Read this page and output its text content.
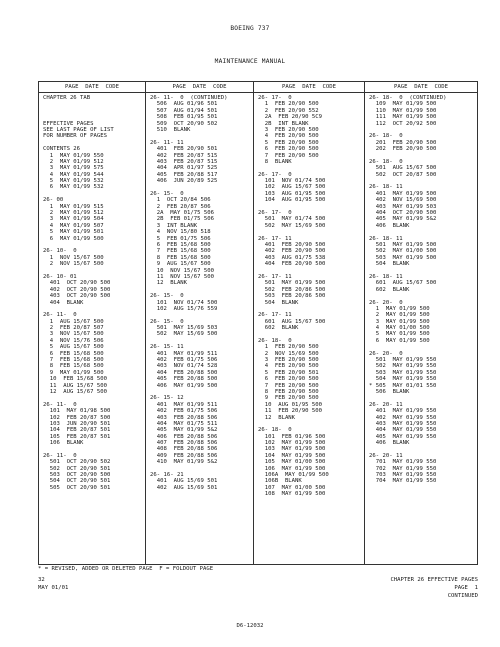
BOEING 737
MAINTENANCE MANUAL
PAGE  DATE  CODE
CHAPTER 26 TAB
EFFECTIVE PAGES
SEE LAST PAGE OF LIST
FOR NUMBER OF PAGES
CONTENTS 26
1  MAY 01/99 550
2  MAY 01/99 512
3  MAY 01/99 575
4  MAY 01/99 544
5  MAY 01/99 532
6  MAY 01/99 532
26- 00
1  MAY 01/99 515
2  MAY 01/99 512
3  MAY 01/99 504
4  MAY 01/99 507
5  MAY 01/99 501
6  MAY 01/99 500
26- 10-  0
1  NOV 15/67 500
2  NOV 15/67 500
26- 10- 01
401  OCT 20/90 500
402  OCT 20/90 500
403  OCT 20/90 500
404  BLANK
26- 11-  0
1  AUG 15/67 500
2  FEB 20/87 507
3  NOV 15/67 500
4  NOV 15/76 506
5  AUG 15/67 500
6  FEB 15/68 500
7  FEB 15/68 500
8  FEB 15/68 500
9  MAY 01/99 500
10  FEB 15/68 500
11  AUG 15/67 500
12  AUG 15/67 500
26- 11-  0
101  MAY 01/98 500
102  FEB 20/87 500
103  JUN 20/90 501
104  FEB 20/87 501
105  FEB 20/87 501
106  BLANK
26- 11-  0
501  OCT 20/90 502
502  OCT 20/90 501
503  OCT 20/90 500
504  OCT 20/90 501
505  OCT 20/90 501
PAGE  DATE  CODE
26- 11-  0  (CONTINUED)
506  AUG 01/96 501
507  AUG 01/94 501
508  FEB 01/95 501
509  OCT 20/90 502
510  BLANK
26- 11- 11
401  FEB 20/90 501
402  FEB 20/87 515
403  FEB 20/87 515
404  APR 01/97 525
405  FEB 20/88 517
406  JUN 20/89 525
26- 15-  0
1  OCT 20/84 506
2  FEB 20/87 506
2A  MAY 01/75 506
2B  FEB 01/75 506
3  INT BLANK
4  NOV 15/80 518
5  FEB 01/75 506
6  FEB 15/68 500
7  FEB 15/68 500
8  FEB 15/68 500
9  AUG 15/67 500
10  NOV 15/67 500
11  NOV 15/67 500
12  BLANK
26- 15-  0
101  NOV 01/74 500
102  AUG 15/76 559
26- 15-  0
501  MAY 15/69 503
502  MAY 15/69 500
26- 15- 11
401  MAY 01/99 511
402  FEB 01/75 506
403  NOV 01/74 528
404  FEB 20/88 500
405  FEB 20/88 500
406  MAY 01/99 500
26- 15- 12
401  MAY 01/99 511
402  FEB 01/75 506
403  FEB 20/88 506
404  MAY 01/75 511
405  MAY 01/99 5&2
406  FEB 20/88 506
407  FEB 20/88 506
408  FEB 20/88 506
409  FEB 20/88 506
410  MAY 01/99 5&2
26- 16- 21
401  AUG 15/69 501
402  AUG 15/69 501
PAGE  DATE  CODE
26- 17-  0
1  FEB 20/90 500
2  FEB 20/90 552
2A  FEB 20/90 5C9
2B  INT BLANK
3  FEB 20/90 500
4  FEB 20/90 500
5  FEB 20/90 500
6  FEB 20/90 500
7  FEB 20/90 500
8  BLANK
26- 17-  0
101  NOV 01/74 500
102  AUG 15/67 500
103  AUG 01/95 500
104  AUG 01/95 500
26- 17-  0
501  MAY 01/74 500
502  MAY 15/69 500
26- 17- 11
401  FEB 20/90 500
402  FEB 20/90 500
403  AUG 01/75 538
404  FEB 20/90 500
26- 17- 11
501  MAY 01/99 500
502  FEB 20/86 500
503  FEB 20/86 500
504  BLANK
26- 17- 11
601  AUG 15/67 500
602  BLANK
26- 18-  0
1  FEB 20/90 500
2  NOV 15/69 500
3  FEB 20/90 500
4  FEB 20/90 500
5  FEB 20/90 501
6  FEB 20/90 500
7  FEB 20/90 500
8  FEB 20/90 500
9  FEB 20/90 500
10  AUG 01/95 500
11  FEB 20/90 500
12  BLANK
26- 18-  0
101  FEB 01/96 500
102  MAY 01/99 500
103  MAY 01/99 500
104  MAY 01/99 500
105  MAY 01/00 500
106  MAY 01/99 500
106A  MAY 01/99 500
106B  BLANK
107  MAY 01/00 500
108  MAY 01/99 500
PAGE  DATE  CODE
26- 18-  0  (CONTINUED)
109  MAY 01/99 500
110  MAY 01/99 500
111  MAY 01/99 500
112  OCT 20/92 500
26- 18-  0
201  FEB 20/90 500
202  FEB 20/90 500
26- 18-  0
501  AUG 15/67 500
502  OCT 20/87 500
26- 18- 11
401  MAY 01/99 500
402  NOV 15/69 500
403  MAY 01/99 503
404  OCT 20/90 500
405  MAY 01/99 5&2
406  BLANK
26- 18- 11
501  MAY 01/99 500
502  MAY 01/00 500
503  MAY 01/99 500
504  BLANK
26- 18- 11
601  AUG 15/67 500
602  BLANK
26- 20-  0
1  MAY 01/99 500
2  MAY 01/99 500
3  MAY 01/99 500
4  MAY 01/00 500
5  MAY 01/99 500
6  MAY 01/99 500
26- 20-  0
501  MAY 01/99 550
502  MAY 01/99 550
503  MAY 01/99 550
504  MAY 01/99 550
* 505  MAY 01/01 550
506  BLANK
26- 20- 11
401  MAY 01/99 550
402  MAY 01/99 550
403  MAY 01/99 550
404  MAY 01/99 550
405  MAY 01/99 550
406  BLANK
26- 20- 11
701  MAY 01/99 550
702  MAY 01/99 550
703  MAY 01/99 550
704  MAY 01/99 550
* = REVISED, ADDED OR DELETED PAGE  F = FOLDOUT PAGE
32
MAY 01/01
CHAPTER 26 EFFECTIVE PAGES
PAGE  1
CONTINUED
D6-12032
